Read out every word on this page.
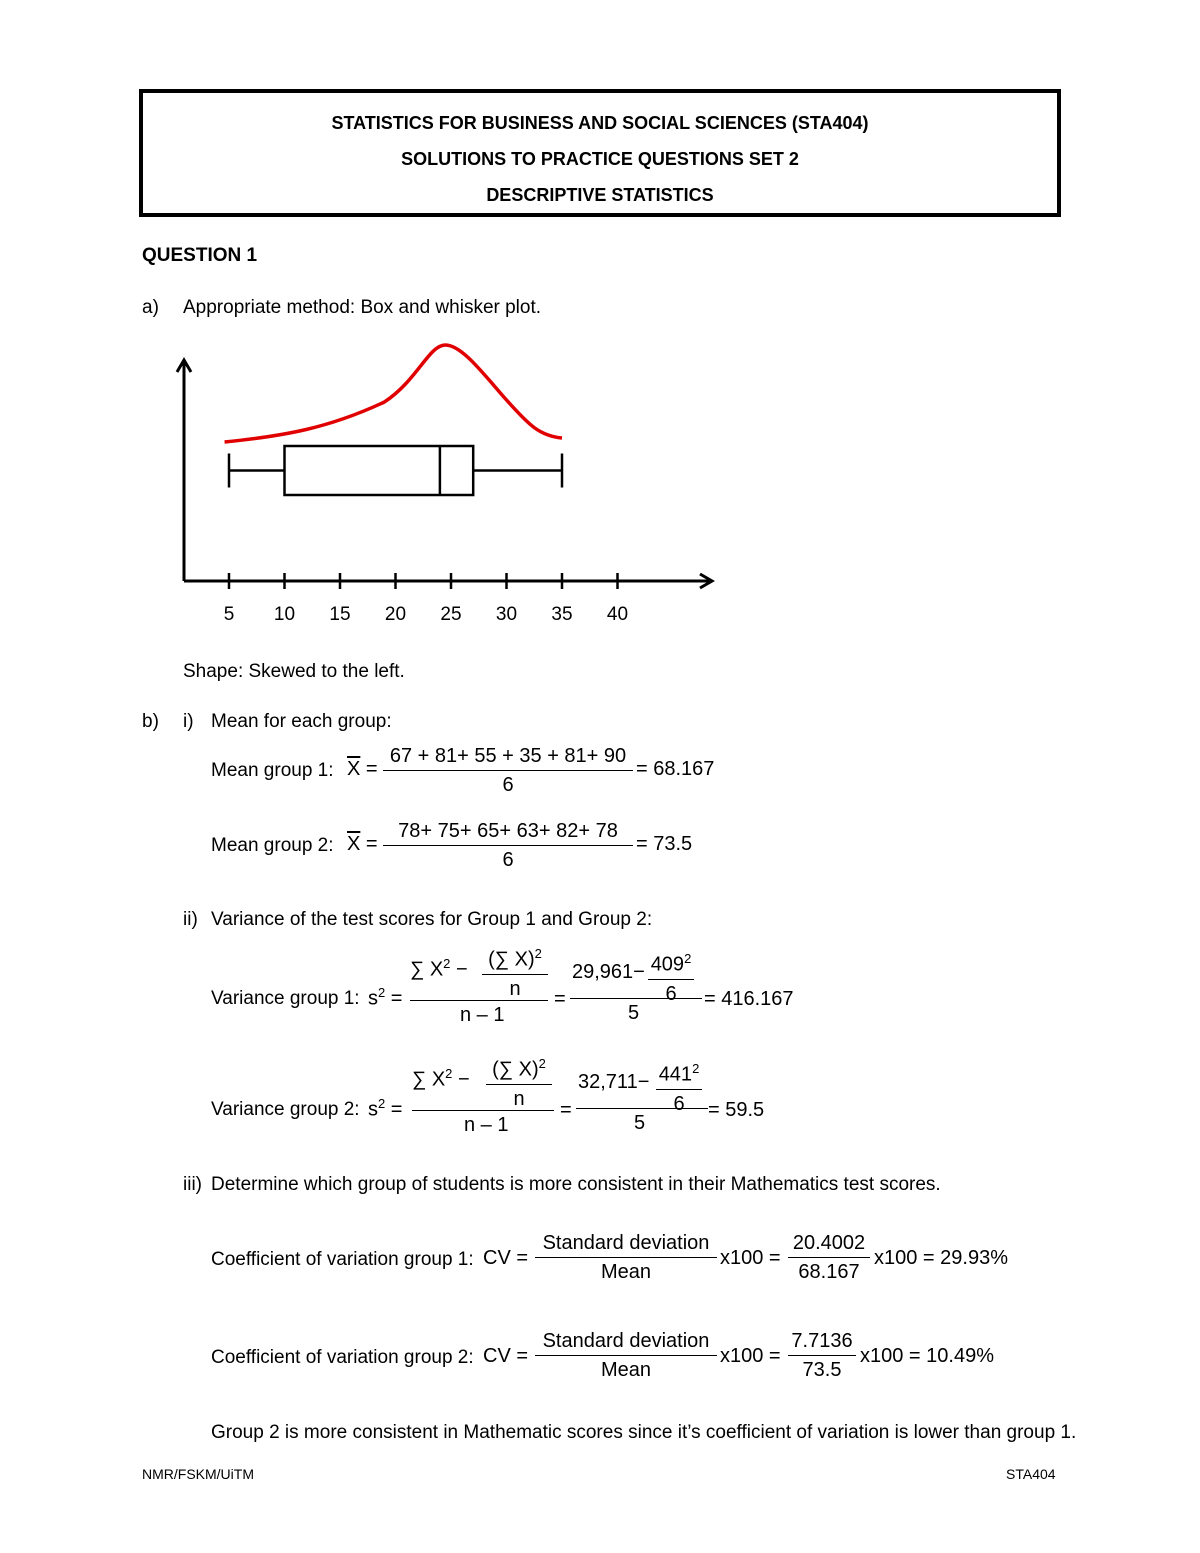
STATISTICS FOR BUSINESS AND SOCIAL SCIENCES (STA404)
SOLUTIONS TO PRACTICE QUESTIONS SET 2
DESCRIPTIVE STATISTICS
QUESTION 1
a) Appropriate method: Box and whisker plot.
5 10 15 20 25 30 35 40
Shape: Skewed to the left.
b) i) Mean for each group:
Mean group 1: $\overline{X}$ =
67 + 81+ 55 + 35 + 81+ 90
6
= 68.167
Mean group 2: $\overline{X}$ =
78+ 75+ 65+ 63+ 82+ 78
6
= 73.5
ii) Variance of the test scores for Group 1 and Group 2:
Variance group 1: $s^2$ =
∑ $X^2$ − (∑ X)$^2$
n
n – 1
=
$29,961- 409^2$
6
5
= 416.167
Variance group 2: $s^2$ =
∑ $X^2$ − (∑ X)$^2$
n
n – 1
=
$32,711- 441^2$
6
5
= 59.5
iii) Determine which group of students is more consistent in their Mathematics test scores.
Coefficient of variation group 1: CV =
Standard deviation
Mean
x100 =
20.4002
68.167
x100 = 29.93%
Coefficient of variation group 2: CV =
Standard deviation
Mean
x100 =
7.7136
73.5
x100 = 10.49%
Group 2 is more consistent in Mathematic scores since it’s coefficient of variation is lower than group 1.
NMR/FSKM/UiTM	STA404
